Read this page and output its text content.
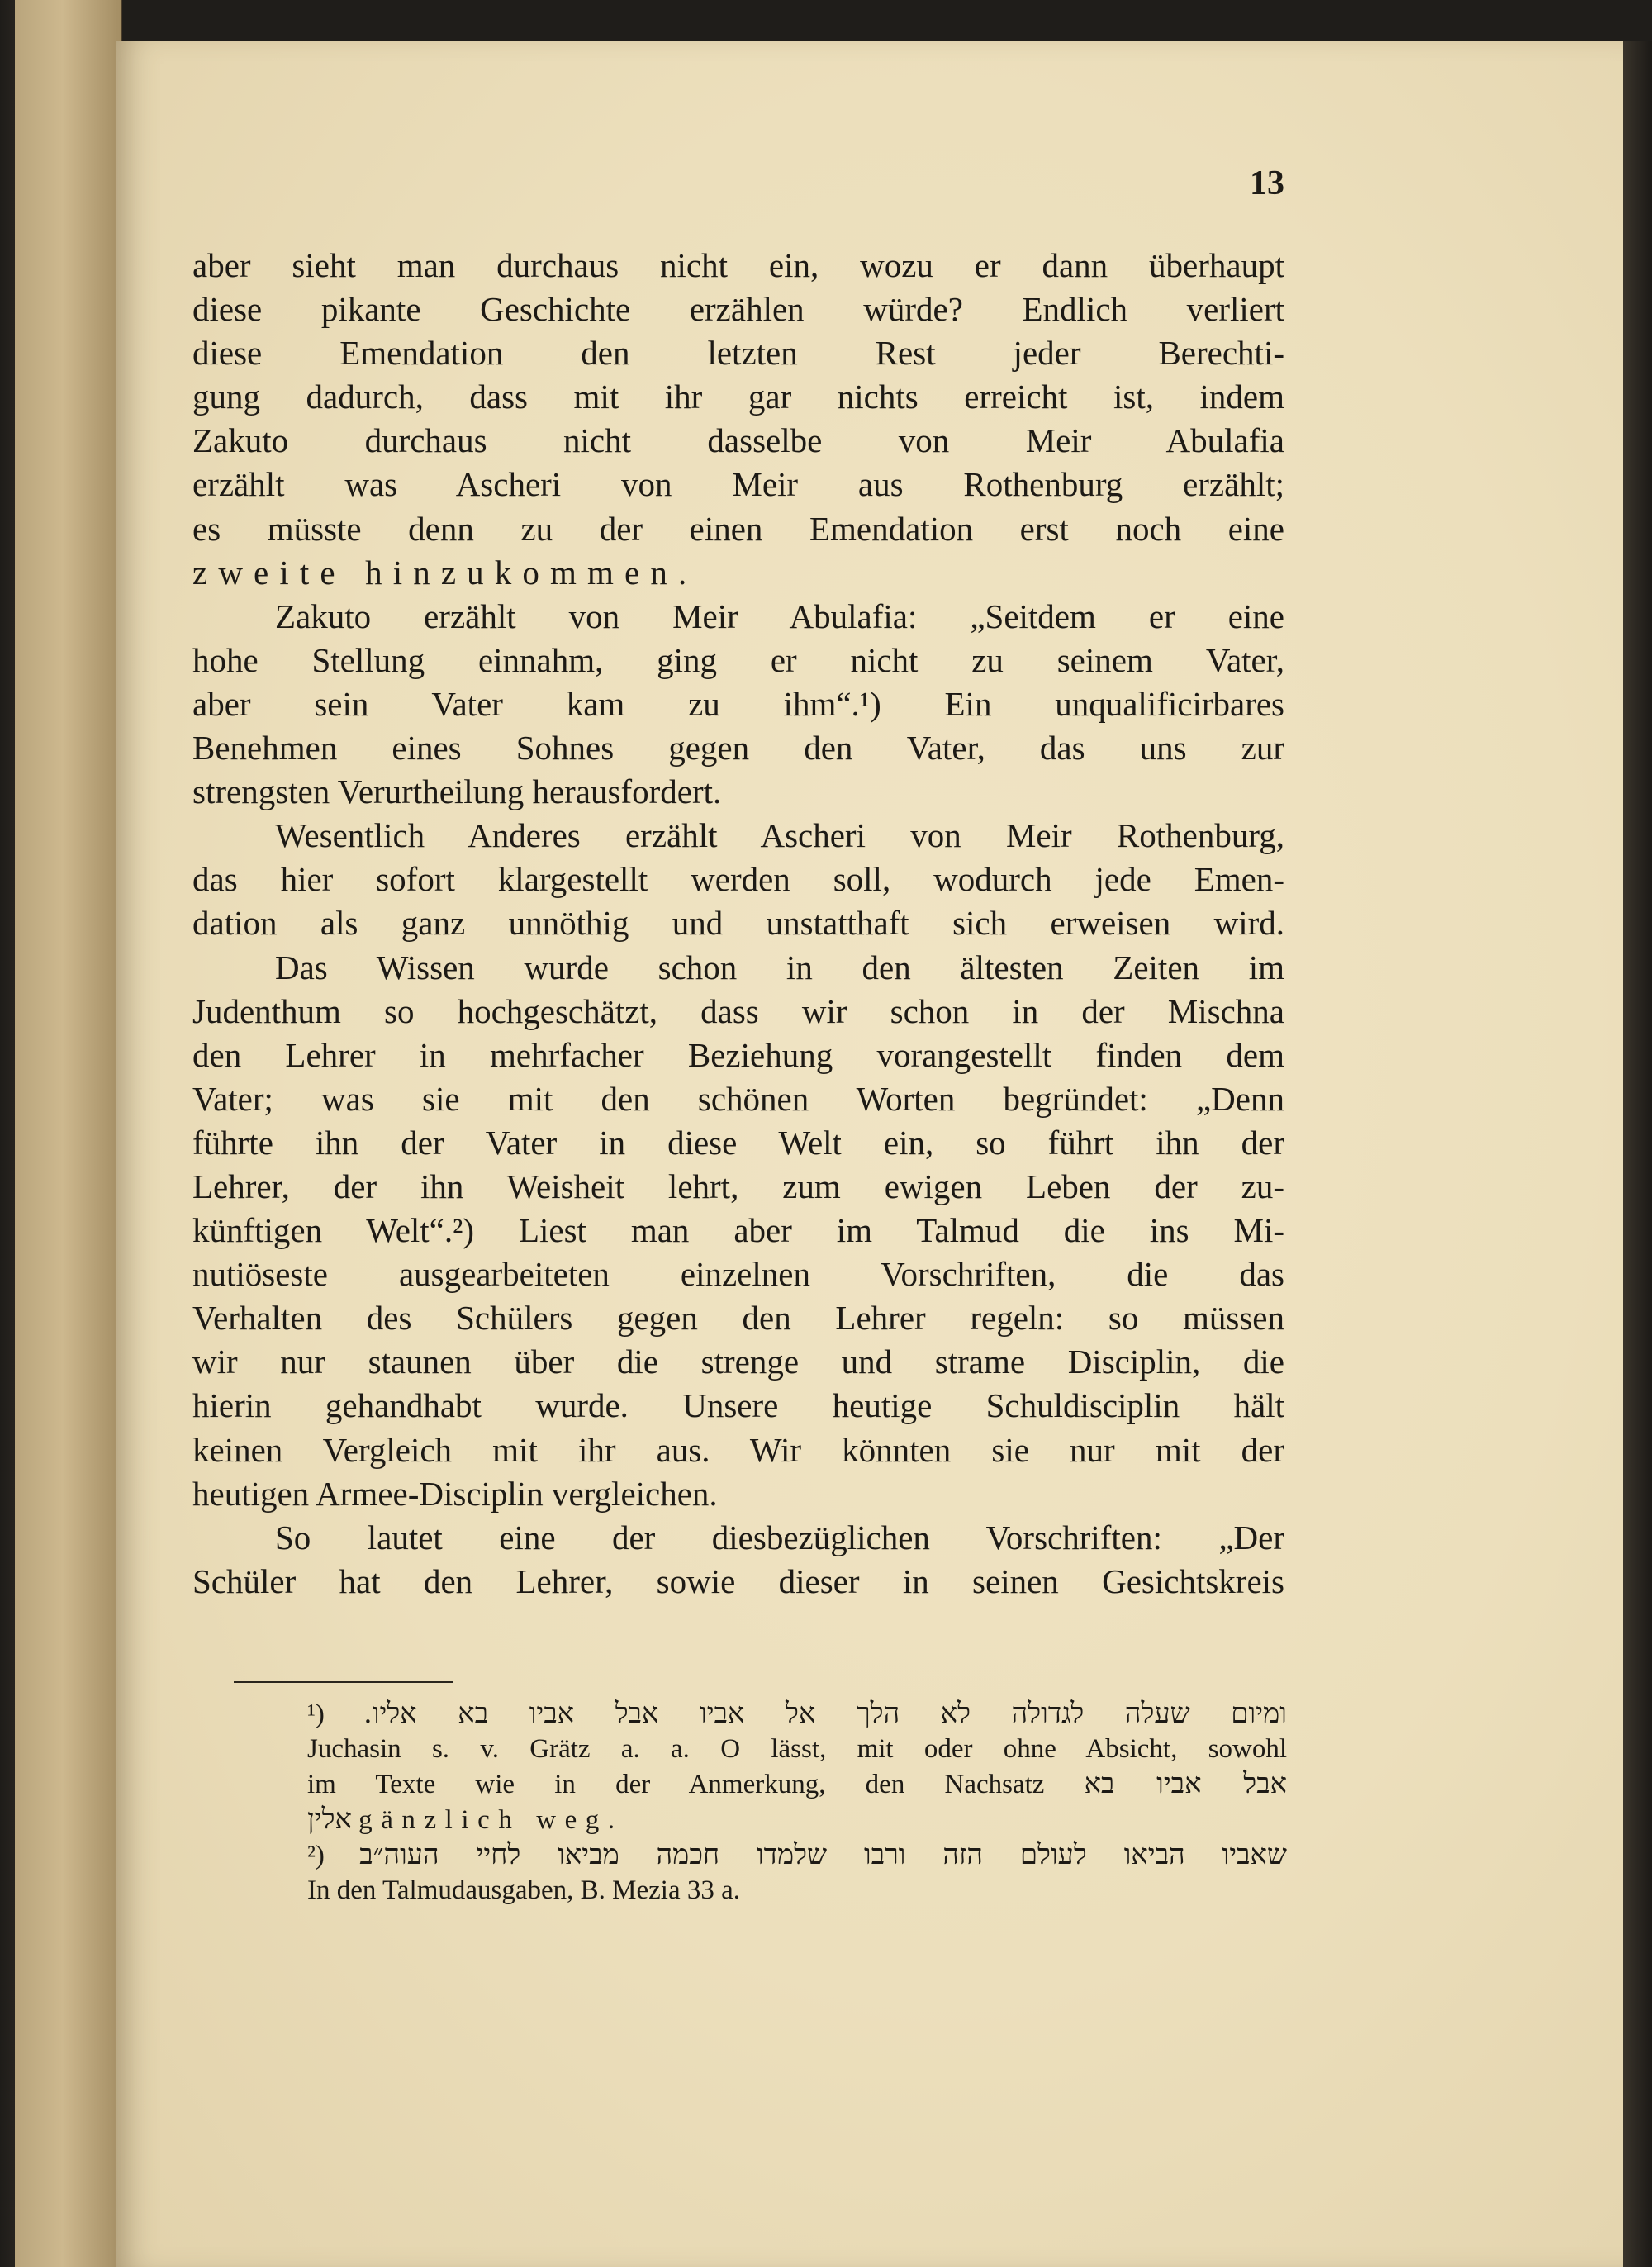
13
aber sieht man durchaus nicht ein, wozu er dann überhaupt
diese pikante Geschichte erzählen würde? Endlich verliert
diese Emendation den letzten Rest jeder Berechti-
gung dadurch, dass mit ihr gar nichts erreicht ist, indem
Zakuto durchaus nicht dasselbe von Meir Abulafia
erzählt was Ascheri von Meir aus Rothenburg erzählt;
es müsste denn zu der einen Emendation erst noch eine
zweite hinzukommen.
Zakuto erzählt von Meir Abulafia: „Seitdem er eine
hohe Stellung einnahm, ging er nicht zu seinem Vater,
aber sein Vater kam zu ihm“.¹) Ein unqualificirbares
Benehmen eines Sohnes gegen den Vater, das uns zur
strengsten Verurtheilung herausfordert.
Wesentlich Anderes erzählt Ascheri von Meir Rothenburg,
das hier sofort klargestellt werden soll, wodurch jede Emen-
dation als ganz unnöthig und unstatthaft sich erweisen wird.
Das Wissen wurde schon in den ältesten Zeiten im
Judenthum so hochgeschätzt, dass wir schon in der Mischna
den Lehrer in mehrfacher Beziehung vorangestellt finden dem
Vater; was sie mit den schönen Worten begründet: „Denn
führte ihn der Vater in diese Welt ein, so führt ihn der
Lehrer, der ihn Weisheit lehrt, zum ewigen Leben der zu-
künftigen Welt“.²) Liest man aber im Talmud die ins Mi-
nutiöseste ausgearbeiteten einzelnen Vorschriften, die das
Verhalten des Schülers gegen den Lehrer regeln: so müssen
wir nur staunen über die strenge und strame Disciplin, die
hierin gehandhabt wurde. Unsere heutige Schuldisciplin hält
keinen Vergleich mit ihr aus. Wir könnten sie nur mit der
heutigen Armee-Disciplin vergleichen.
So lautet eine der diesbezüglichen Vorschriften: „Der
Schüler hat den Lehrer, sowie dieser in seinen Gesichtskreis
¹) ומיום שעלה לגדולה לא הלך אל אביו אבל אביו בא אליו.
Juchasin s. v. Grätz a. a. O lässt, mit oder ohne Absicht, sowohl
im Texte wie in der Anmerkung, den Nachsatz אבל אביו בא
אלין gänzlich weg.
²) שאביו הביאו לעולם הזה ורבו שלמדו חכמה מביאו לחיי העוה״ב
In den Talmudausgaben, B. Mezia 33 a.
